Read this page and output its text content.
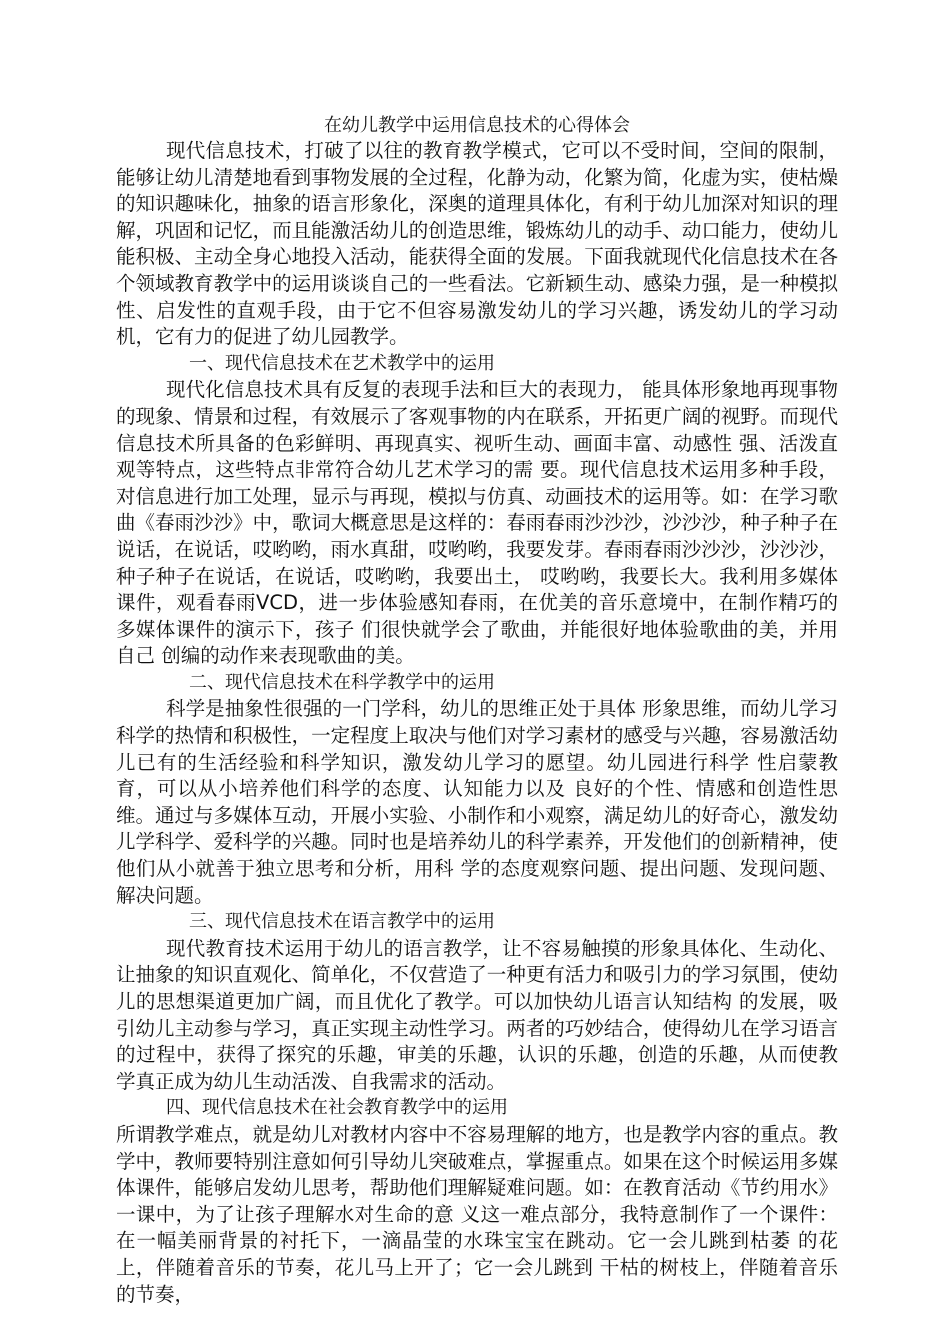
在幼儿教学中运用信息技术的心得体会

现代信息技术，打破了以往的教育教学模式，它可以不受时间，空间的限制，能够让幼儿清楚地看到事物发展的全过程，化静为动，化繁为简，化虚为实，使枯燥的知识趣味化，抽象的语言形象化，深奥的道理具体化，有利于幼儿加深对知识的理解，巩固和记忆，而且能激活幼儿的创造思维，锻炼幼儿的动手、动口能力，使幼儿能积极、主动全身心地投入活动，能获得全面的发展。下面我就现代化信息技术在各个领域教育教学中的运用谈谈自己的一些看法。它新颖生动、感染力强，是一种模拟性、启发性的直观手段，由于它不但容易激发幼儿的学习兴趣，诱发幼儿的学习动机，它有力的促进了幼儿园教学。

一、现代信息技术在艺术教学中的运用

现代化信息技术具有反复的表现手法和巨大的表现力， 能具体形象地再现事物的现象、情景和过程，有效展示了客观事物的内在联系，开拓更广阔的视野。而现代信息技术所具备的色彩鲜明、再现真实、视听生动、画面丰富、动感性 强、活泼直观等特点，这些特点非常符合幼儿艺术学习的需 要。现代信息技术运用多种手段，对信息进行加工处理，显示与再现，模拟与仿真、动画技术的运用等。如：在学习歌曲《春雨沙沙》中，歌词大概意思是这样的：春雨春雨沙沙沙，沙沙沙，种子种子在说话，在说话，哎哟哟，雨水真甜，哎哟哟，我要发芽。春雨春雨沙沙沙，沙沙沙，种子种子在说话，在说话，哎哟哟，我要出土， 哎哟哟，我要长大。我利用多媒体课件，观看春雨VCD，进一步体验感知春雨，在优美的音乐意境中，在制作精巧的多媒体课件的演示下，孩子 们很快就学会了歌曲，并能很好地体验歌曲的美，并用自己 创编的动作来表现歌曲的美。

二、现代信息技术在科学教学中的运用

科学是抽象性很强的一门学科，幼儿的思维正处于具体 形象思维，而幼儿学习科学的热情和积极性，一定程度上取决与他们对学习素材的感受与兴趣，容易激活幼儿已有的生活经验和科学知识，激发幼儿学习的愿望。幼儿园进行科学 性启蒙教育，可以从小培养他们科学的态度、认知能力以及 良好的个性、情感和创造性思维。通过与多媒体互动，开展小实验、小制作和小观察，满足幼儿的好奇心，激发幼儿学科学、爱科学的兴趣。同时也是培养幼儿的科学素养，开发他们的创新精神，使他们从小就善于独立思考和分析，用科 学的态度观察问题、提出问题、发现问题、解决问题。

三、现代信息技术在语言教学中的运用

现代教育技术运用于幼儿的语言教学，让不容易触摸的形象具体化、生动化、让抽象的知识直观化、简单化，不仅营造了一种更有活力和吸引力的学习氛围，使幼儿的思想渠道更加广阔，而且优化了教学。可以加快幼儿语言认知结构 的发展，吸引幼儿主动参与学习，真正实现主动性学习。两者的巧妙结合，使得幼儿在学习语言的过程中，获得了探究的乐趣，审美的乐趣，认识的乐趣，创造的乐趣，从而使教 学真正成为幼儿生动活泼、自我需求的活动。

四、现代信息技术在社会教育教学中的运用

所谓教学难点，就是幼儿对教材内容中不容易理解的地方，也是教学内容的重点。教学中，教师要特别注意如何引导幼儿突破难点，掌握重点。如果在这个时候运用多媒体课件，能够启发幼儿思考，帮助他们理解疑难问题。如：在教育活动《节约用水》一课中，为了让孩子理解水对生命的意 义这一难点部分，我特意制作了一个课件：在一幅美丽背景的衬托下，一滴晶莹的水珠宝宝在跳动。它一会儿跳到枯萎 的花上，伴随着音乐的节奏，花儿马上开了；它一会儿跳到 干枯的树枝上，伴随着音乐的节奏，
